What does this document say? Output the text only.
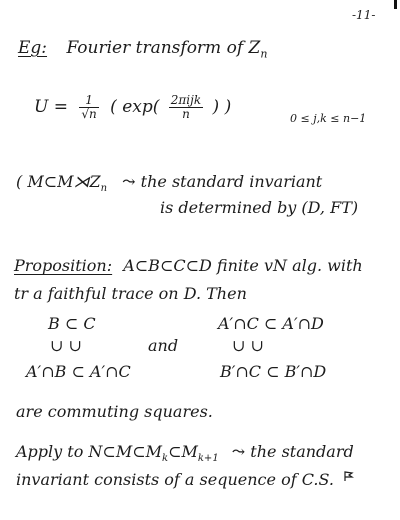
-11-
Eg: Fourier transform of $Z_n$
$U = \frac{1}{√n}$ ( $\exp( \frac{\text{2πijk}}{n}$ ) )
0 ≤ j,k ≤ n−1
( $M\subset M⋊Z_n$ ⤳ the standard invariant
is determined by (D, FT)
Proposition: A⊂B⊂C⊂D finite vN alg. with
tr a faithful trace on D. Then
B ⊂ C
∪ ∪
A′∩B ⊂ A′∩C
and
A′∩C ⊂ A′∩D
∪ ∪
B′∩C ⊂ B′∩D
are commuting squares.
Apply to $N\subset M\subset M_k\subset M_{k+1}$ ⤳ the standard
invariant consists of a sequence of C.S.
